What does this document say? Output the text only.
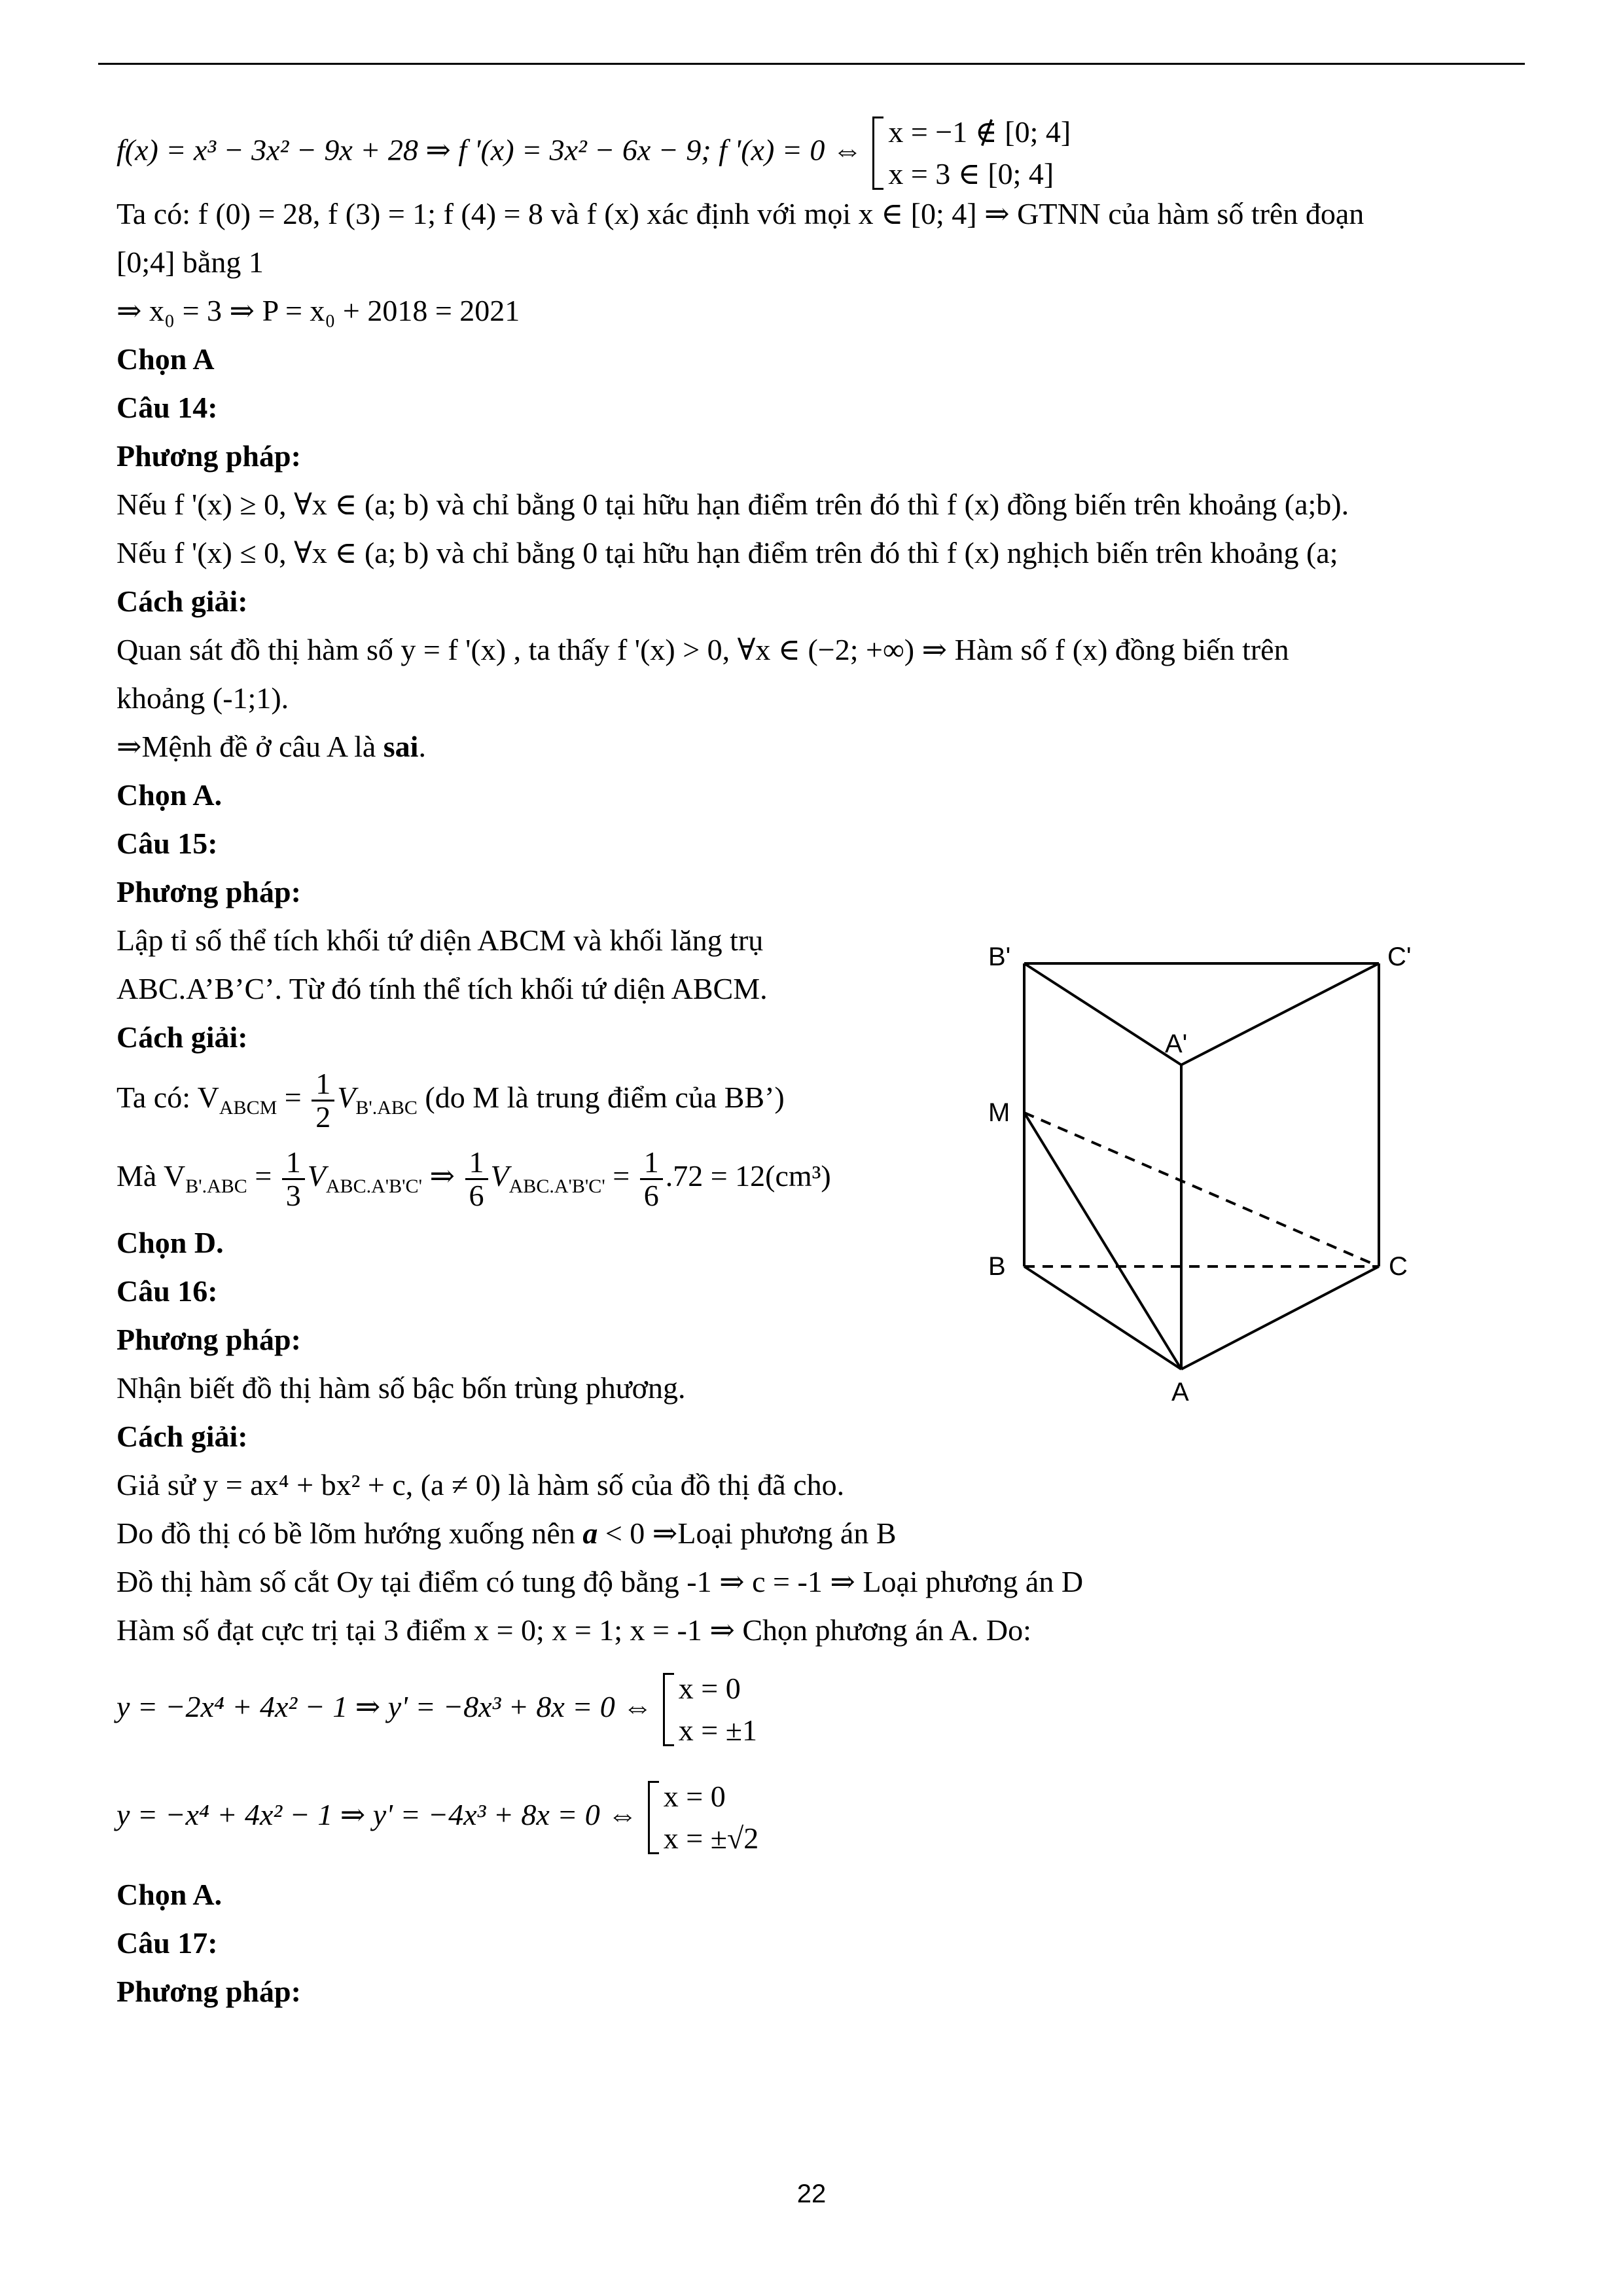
f(x) = x³ − 3x² − 9x + 28 ⇒ f '(x) = 3x² − 6x − 9; f '(x) = 0 ⇔
x = −1 ∉ [0; 4]
x = 3 ∈ [0; 4]
Ta có: f (0) = 28, f (3) = 1; f (4) = 8 và f (x) xác định với mọi x ∈ [0; 4] ⇒ GTNN của hàm số trên đoạn
[0;4] bằng 1
⇒ x₀ = 3 ⇒ P = x₀ + 2018 = 2021
Chọn A
Câu 14:
Phương pháp:
Nếu f '(x) ≥ 0, ∀x ∈ (a; b) và chỉ bằng 0 tại hữu hạn điểm trên đó thì f (x) đồng biến trên khoảng (a;b).
Nếu f '(x) ≤ 0, ∀x ∈ (a; b) và chỉ bằng 0 tại hữu hạn điểm trên đó thì f (x) nghịch biến trên khoảng (a;
Cách giải:
Quan sát đồ thị hàm số y = f '(x) , ta thấy f '(x) > 0, ∀x ∈ (−2; +∞) ⇒ Hàm số f (x) đồng biến trên
khoảng (-1;1).
⇒Mệnh đề ở câu A là sai.
Chọn A.
Câu 15:
Phương pháp:
Lập tỉ số thể tích khối tứ diện ABCM và khối lăng trụ
ABC.A’B’C’. Từ đó tính thể tích khối tứ diện ABCM.
Cách giải:
Ta có: $V_{ABCM} = \frac{1}{2} V_{B'.ABC}$ (do M là trung điểm của BB’)
Mà $V_{B'.ABC} = \frac{1}{3} V_{ABC.A'B'C'}$ ⇒ $\frac{1}{6} V_{ABC.A'B'C'} = \frac{1}{6} .72 = 12(cm^3)$
Chọn D.
Câu 16:
Phương pháp:
Nhận biết đồ thị hàm số bậc bốn trùng phương.
Cách giải:
Giả sử y = ax⁴ + bx² + c, (a ≠ 0) là hàm số của đồ thị đã cho.
Do đồ thị có bề lõm hướng xuống nên a < 0 ⇒Loại phương án B
Đồ thị hàm số cắt Oy tại điểm có tung độ bằng -1 ⇒ c = -1 ⇒ Loại phương án D
Hàm số đạt cực trị tại 3 điểm x = 0; x = 1; x = -1 ⇒ Chọn phương án A. Do:
y = −2x⁴ + 4x² − 1 ⇒ y' = −8x³ + 8x = 0 ⇔
x = 0
x = ±1
y = −x⁴ + 4x² − 1 ⇒ y' = −4x³ + 8x = 0 ⇔
x = 0
x = ±√2
Chọn A.
Câu 17:
Phương pháp:
B'	C'
A'
M
B	C
A
22
